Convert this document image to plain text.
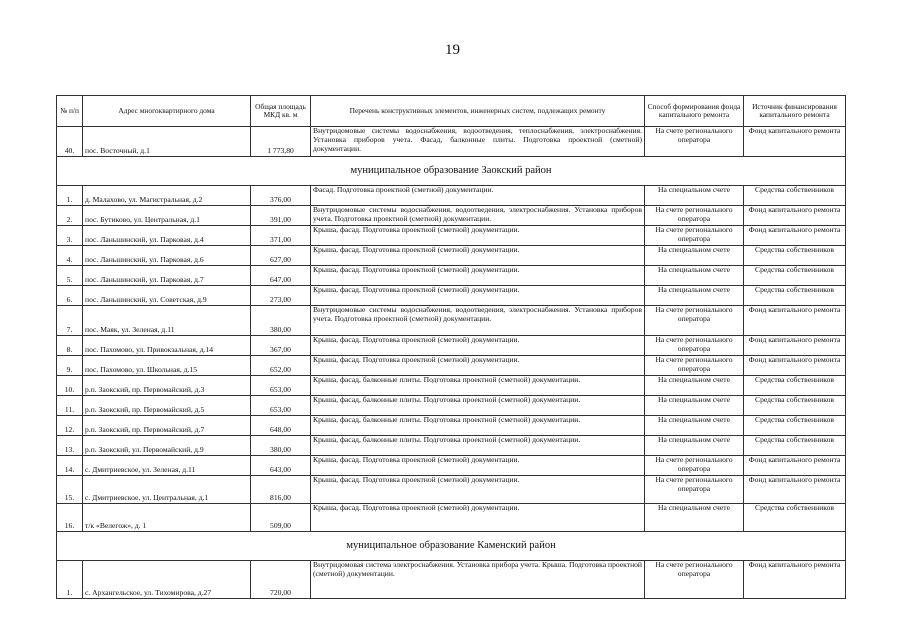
19
№ п/п	Адрес многоквартирного дома	Общая площадь МКД кв. м	Перечень конструктивных элементов, инженерных систем, подлежащих ремонту	Способ формирования фонда капитального ремонта	Источник финансирования капитального ремонта
40.	пос. Восточный, д.1	1 773,80	Внутридомовые системы водоснабжения, водоотведения, теплоснабжения, электроснабжения. Установка приборов учета. Фасад, балконные плиты. Подготовка проектной (сметной) документации.	На счете регионального оператора	Фонд капитального ремонта
муниципальное образование Заокский район					
1.	д. Малахово, ул. Магистральная, д.2	376,00	Фасад. Подготовка проектной (сметной) документации.	На специальном счете	Средства собственников
2.	пос. Бутиково, ул. Центральная, д.1	391,00	Внутридомовые системы водоснабжения, водоотведения, электроснабжения. Установка приборов учета. Подготовка проектной (сметной) документации.	На счете регионального оператора	Фонд капитального ремонта
3.	пос. Ланьшинский, ул. Парковая, д.4	371,00	Крыша, фасад. Подготовка проектной (сметной) документации.	На счете регионального оператора	Фонд капитального ремонта
4.	пос. Ланьшинский, ул. Парковая, д.6	627,00	Крыша, фасад. Подготовка проектной (сметной) документации.	На специальном счете	Средства собственников
5.	пос. Ланьшинский, ул. Парковая, д.7	647,00	Крыша, фасад. Подготовка проектной (сметной) документации.	На специальном счете	Средства собственников
6.	пос. Ланьшинский, ул. Советская, д.9	273,00	Крыша, фасад. Подготовка проектной (сметной) документации.	На специальном счете	Средства собственников
7.	пос. Маяк, ул. Зеленая, д.11	380,00	Внутридомовые системы водоснабжения, водоотведения, электроснабжения. Установка приборов учета. Подготовка проектной (сметной) документации.	На счете регионального оператора	Фонд капитального ремонта
8.	пос. Пахомово, ул. Привокзальная, д.14	367,00	Крыша, фасад. Подготовка проектной (сметной) документации.	На счете регионального оператора	Фонд капитального ремонта
9.	пос. Пахомово, ул. Школьная, д.15	652,00	Крыша, фасад. Подготовка проектной (сметной) документации.	На счете регионального оператора	Фонд капитального ремонта
10.	р.п. Заокский, пр. Первомайский, д.3	653,00	Крыша, фасад, балконные плиты. Подготовка проектной (сметной) документации.	На специальном счете	Средства собственников
11.	р.п. Заокский, пр. Первомайский, д.5	653,00	Крыша, фасад, балконные плиты. Подготовка проектной (сметной) документации.	На специальном счете	Средства собственников
12.	р.п. Заокский, пр. Первомайский, д.7	648,00	Крыша, фасад, балконные плиты. Подготовка проектной (сметной) документации.	На специальном счете	Средства собственников
13.	р.п. Заокский, ул. Первомайский, д.9	380,00	Крыша, фасад, балконные плиты. Подготовка проектной (сметной) документации.	На специальном счете	Средства собственников
14.	с. Дмитриевское, ул. Зеленая, д.11	643,00	Крыша, фасад. Подготовка проектной (сметной) документации.	На счете регионального оператора	Фонд капитального ремонта
15.	с. Дмитриевское, ул. Центральная, д.1	816,00	Крыша, фасад. Подготовка проектной (сметной) документации.	На счете регионального оператора	Фонд капитального ремонта
16.	т/к «Велегож», д. 1	509,00	Крыша, фасад. Подготовка проектной (сметной) документации.	На специальном счете	Средства собственников
муниципальное образование Каменский район					
1.	с. Архангельское, ул. Тихомирова, д.27	720,00	Внутридомовая система электроснабжения. Установка прибора учета. Крыша. Подготовка проектной (сметной) документации.	На счете регионального оператора	Фонд капитального ремонта
